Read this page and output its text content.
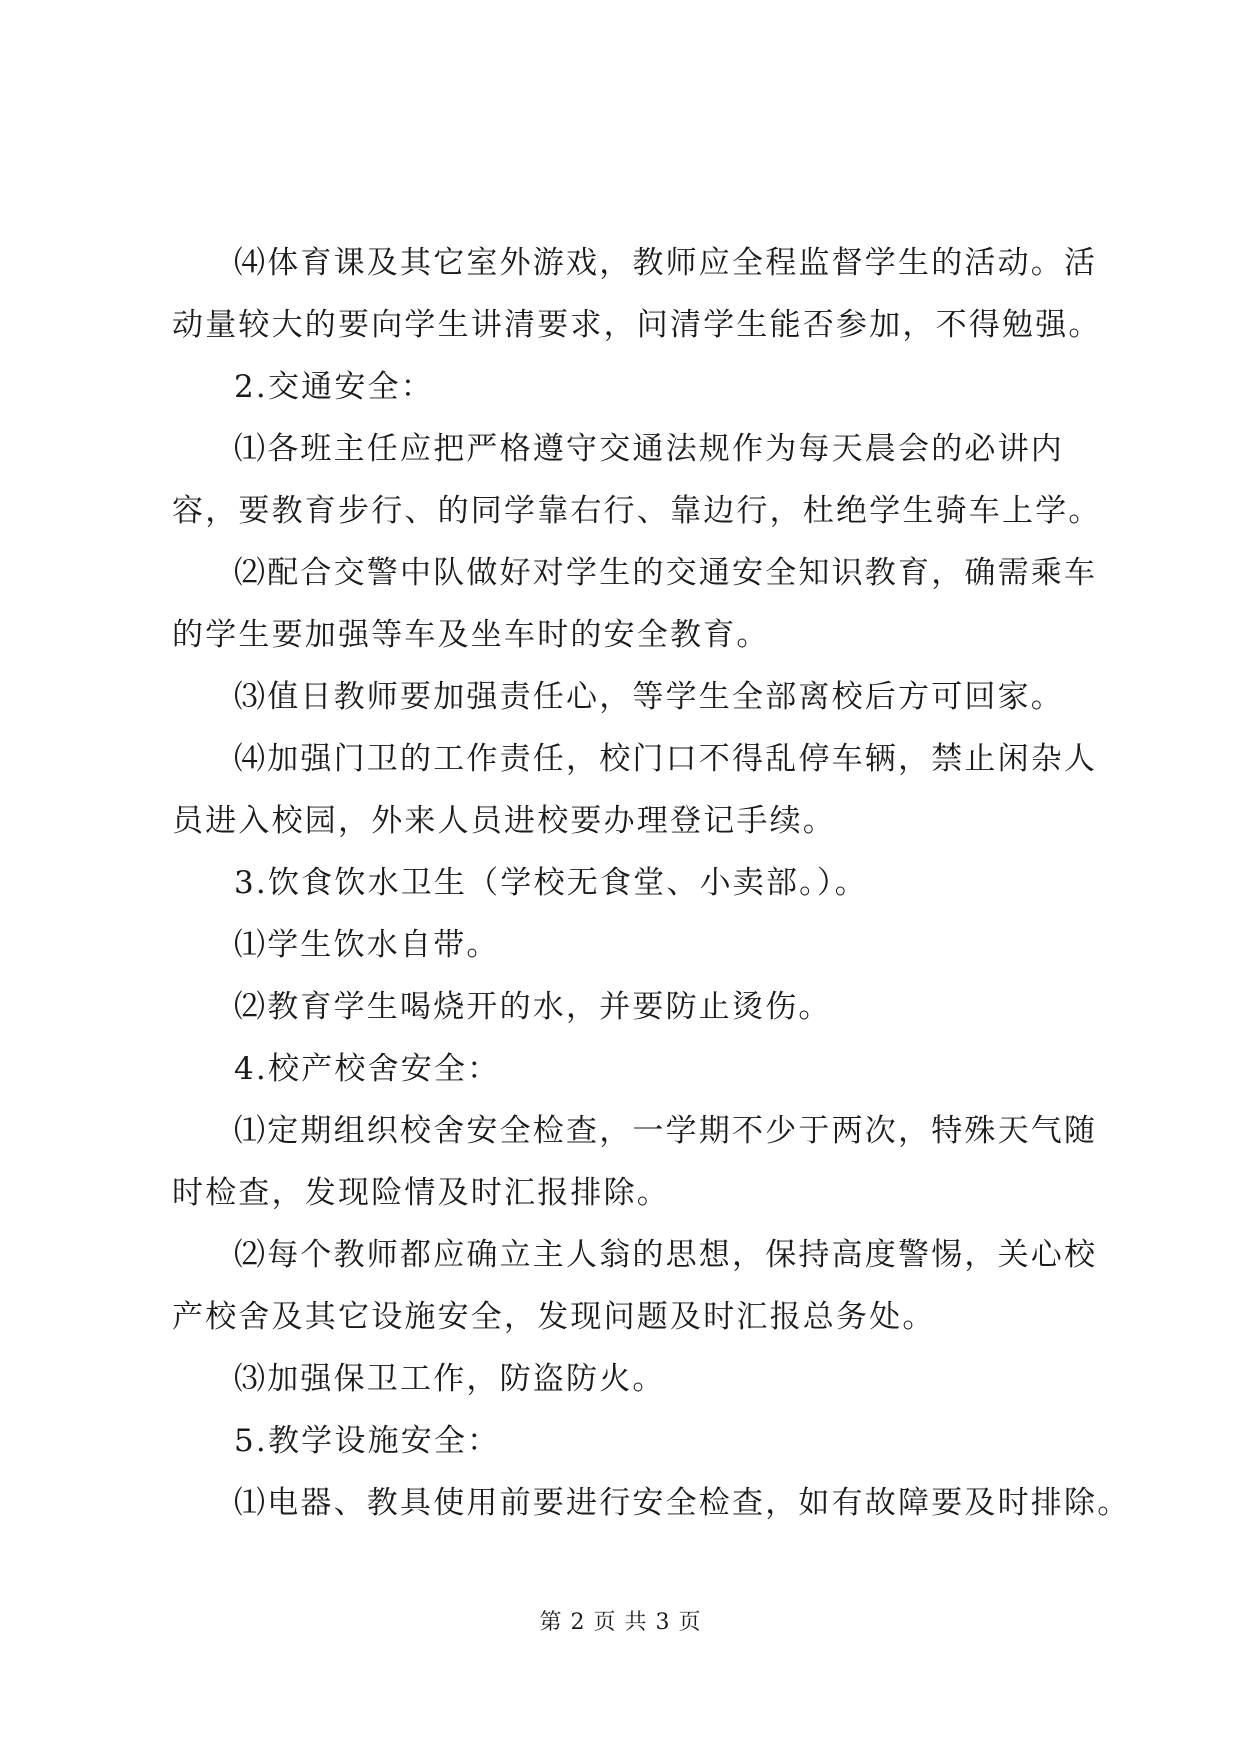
⑷体育课及其它室外游戏，教师应全程监督学生的活动。活
动量较大的要向学生讲清要求，问清学生能否参加，不得勉强。
2.交通安全：
⑴各班主任应把严格遵守交通法规作为每天晨会的必讲内
容，要教育步行、的同学靠右行、靠边行，杜绝学生骑车上学。
⑵配合交警中队做好对学生的交通安全知识教育，确需乘车
的学生要加强等车及坐车时的安全教育。
⑶值日教师要加强责任心，等学生全部离校后方可回家。
⑷加强门卫的工作责任，校门口不得乱停车辆，禁止闲杂人
员进入校园，外来人员进校要办理登记手续。
3.饮食饮水卫生（学校无食堂、小卖部。）。
⑴学生饮水自带。
⑵教育学生喝烧开的水，并要防止烫伤。
4.校产校舍安全：
⑴定期组织校舍安全检查，一学期不少于两次，特殊天气随
时检查，发现险情及时汇报排除。
⑵每个教师都应确立主人翁的思想，保持高度警惕，关心校
产校舍及其它设施安全，发现问题及时汇报总务处。
⑶加强保卫工作，防盗防火。
5.教学设施安全：
⑴电器、教具使用前要进行安全检查，如有故障要及时排除。
第 2 页 共 3 页
